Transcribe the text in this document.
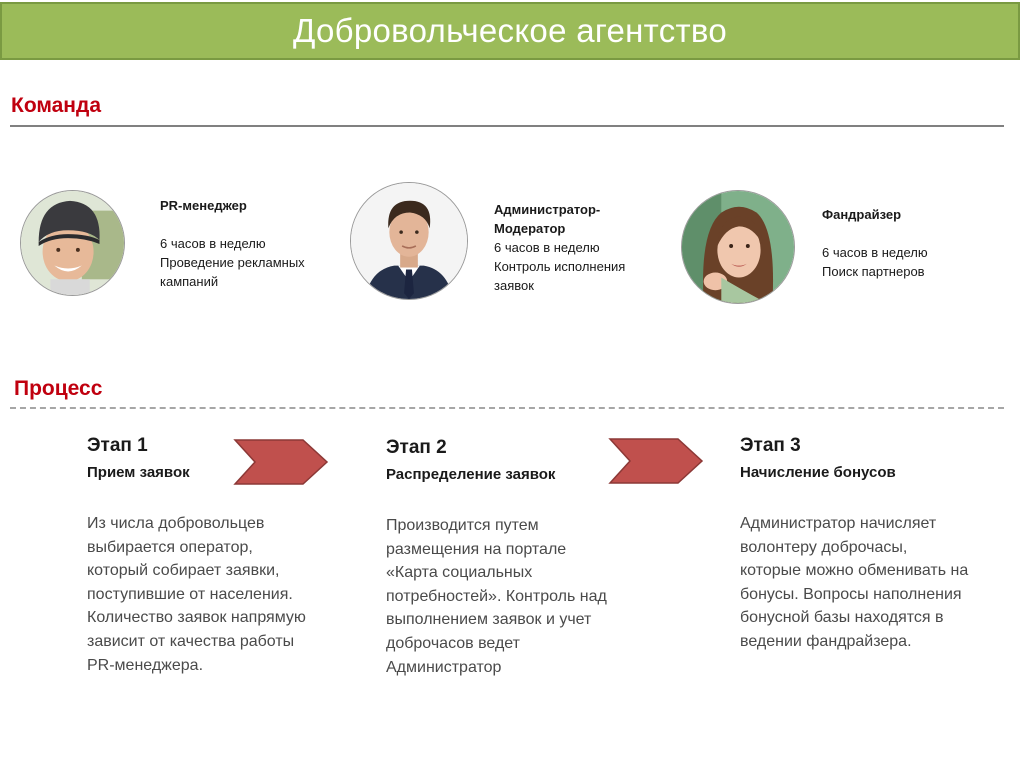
Добровольческое агентство
Команда
PR-менеджер
6 часов в неделю
Проведение рекламных кампаний
Администратор-Модератор
6 часов в неделю
Контроль исполнения заявок
Фандрайзер
6 часов в неделю
Поиск партнеров
Процесс
Этап 1
Прием заявок
Из числа добровольцев выбирается оператор, который собирает заявки, поступившие от населения. Количество заявок напрямую зависит от качества работы PR-менеджера.
Этап 2
Распределение заявок
Производится путем размещения на портале «Карта социальных потребностей». Контроль над выполнением заявок и учет доброчасов ведет Администратор
Этап 3
Начисление бонусов
Администратор начисляет волонтеру доброчасы, которые можно обменивать на бонусы. Вопросы наполнения бонусной базы находятся в ведении фандрайзера.
